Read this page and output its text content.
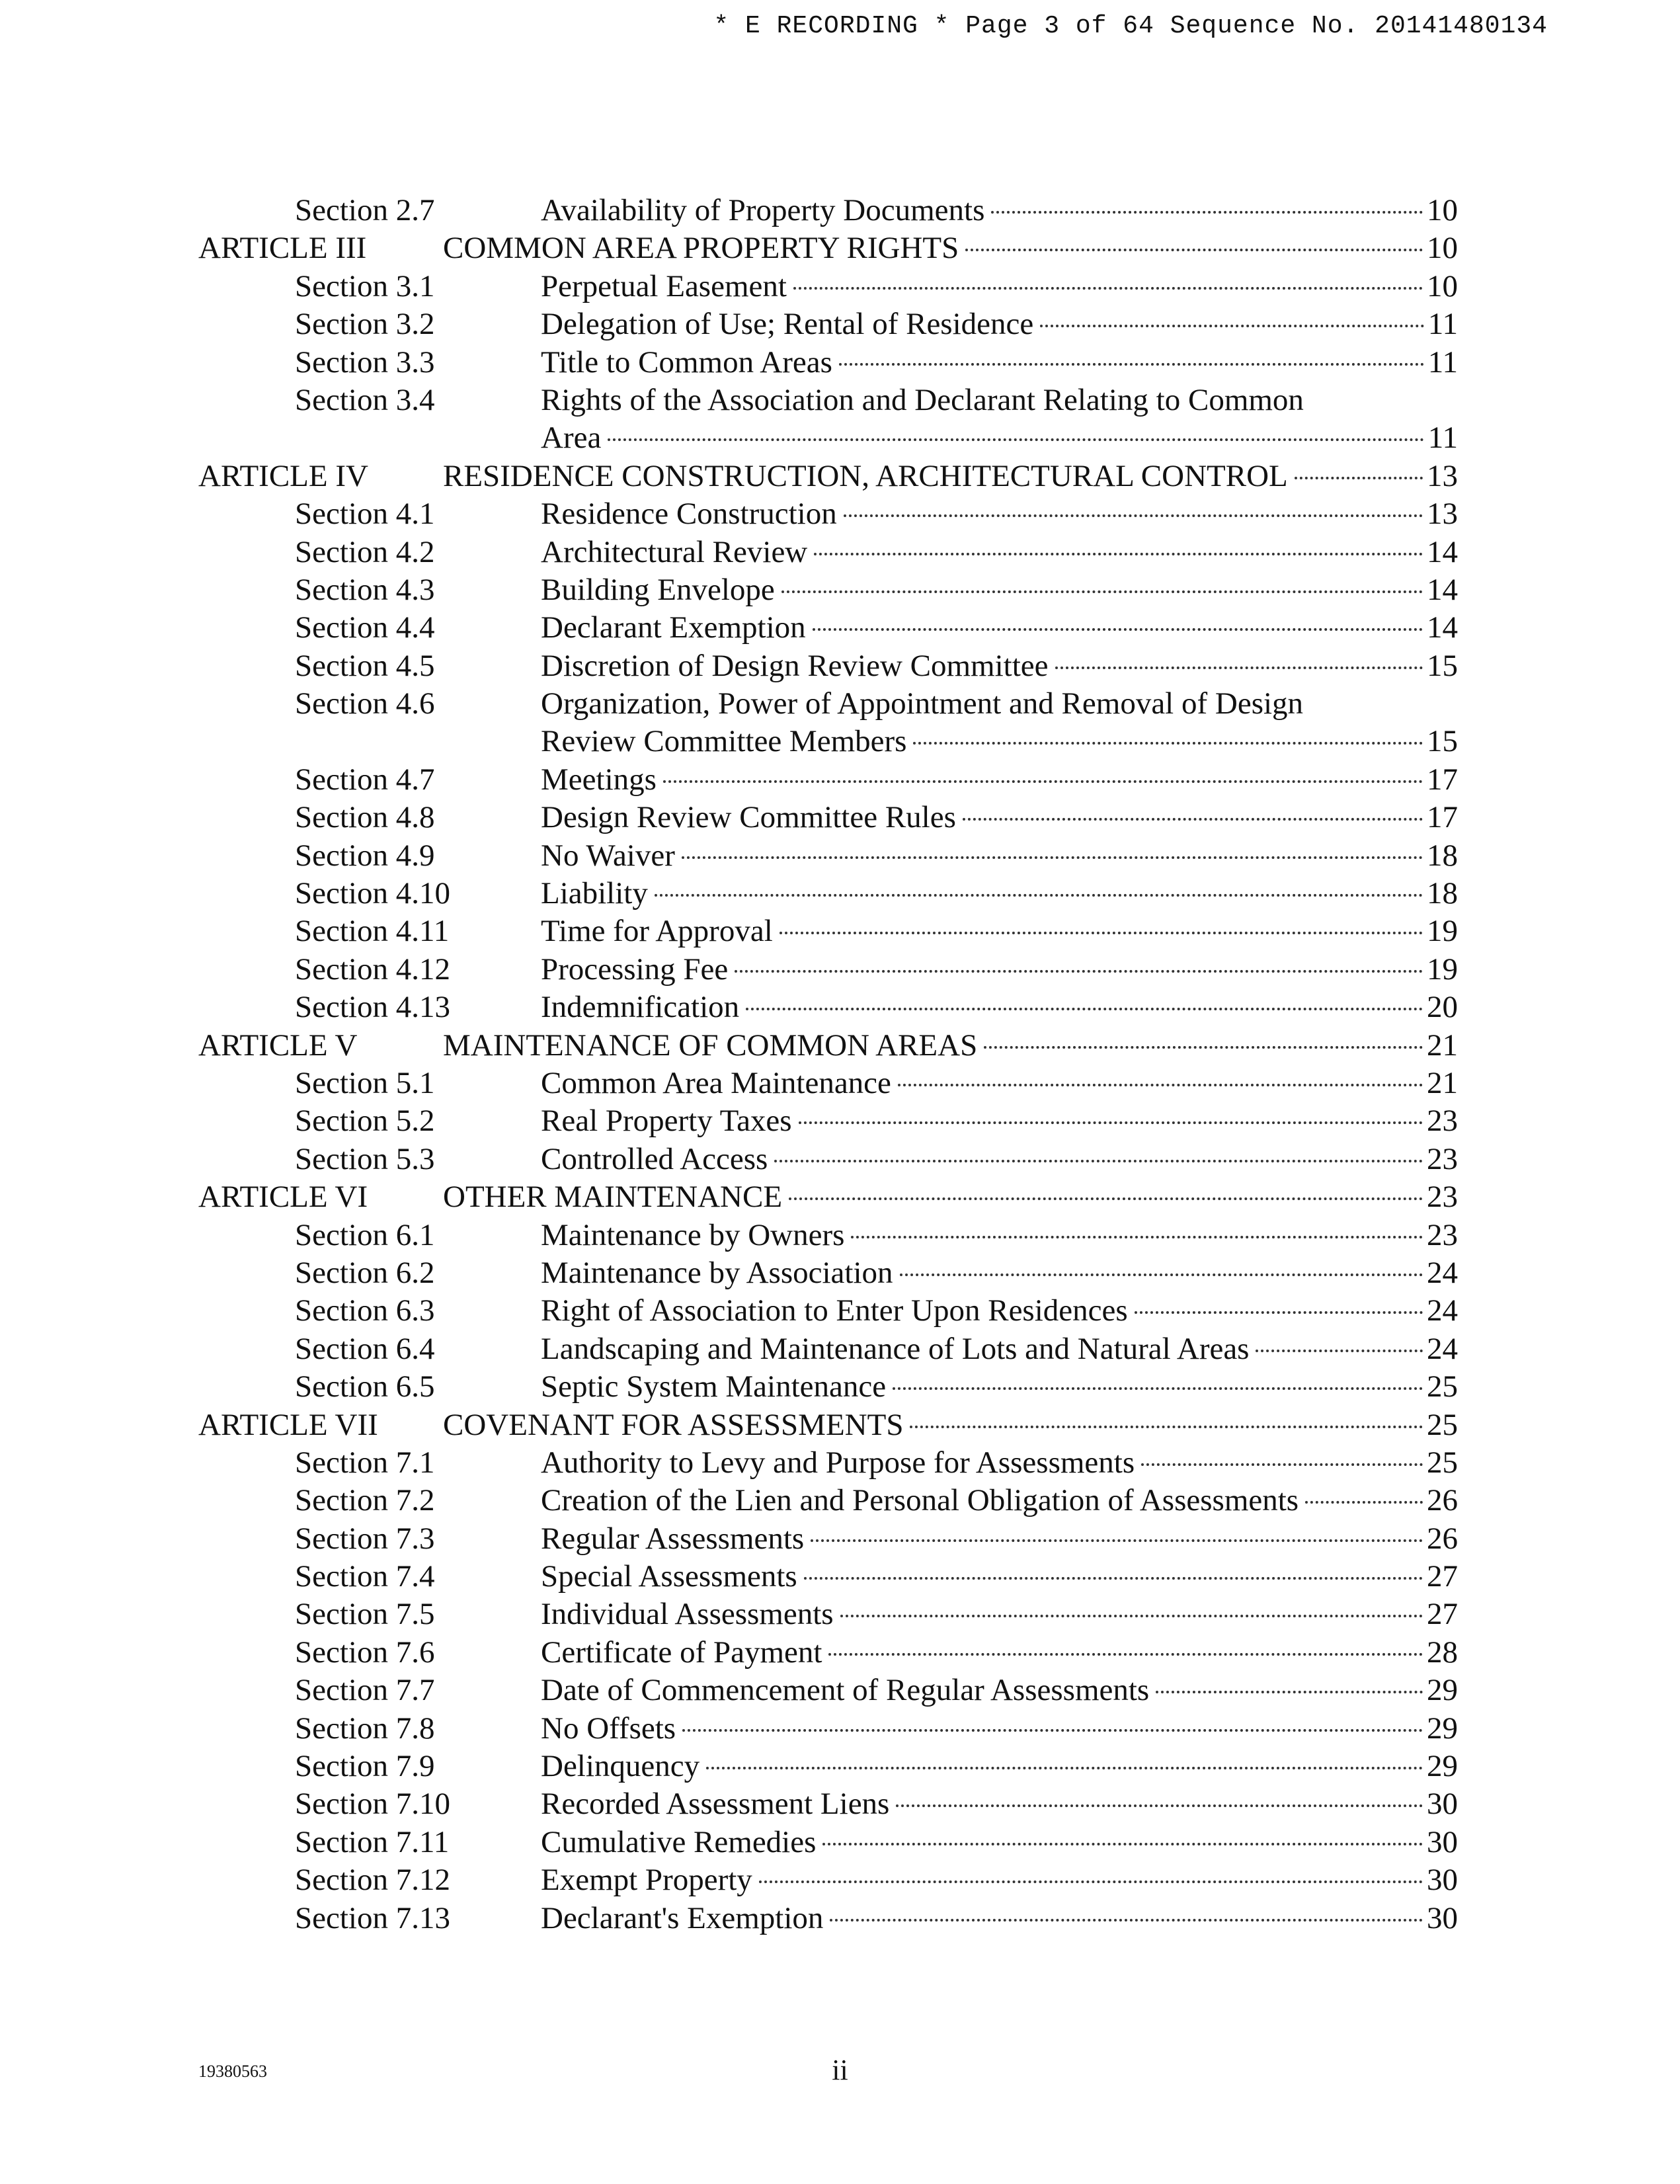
* E RECORDING * Page 3 of 64 Sequence No. 20141480134
Section 2.7	Availability of Property Documents	10
ARTICLE III COMMON AREA PROPERTY RIGHTS	10
Section 3.1	Perpetual Easement	10
Section 3.2	Delegation of Use; Rental of Residence	11
Section 3.3	Title to Common Areas	11
Section 3.4	Rights of the Association and Declarant Relating to Common
Area	11
ARTICLE IV RESIDENCE CONSTRUCTION, ARCHITECTURAL CONTROL	13
Section 4.1	Residence Construction	13
Section 4.2	Architectural Review	14
Section 4.3	Building Envelope	14
Section 4.4	Declarant Exemption	14
Section 4.5	Discretion of Design Review Committee	15
Section 4.6	Organization, Power of Appointment and Removal of Design
Review Committee Members	15
Section 4.7	Meetings	17
Section 4.8	Design Review Committee Rules	17
Section 4.9	No Waiver	18
Section 4.10	Liability	18
Section 4.11	Time for Approval	19
Section 4.12	Processing Fee	19
Section 4.13	Indemnification	20
ARTICLE V	MAINTENANCE OF COMMON AREAS	21
Section 5.1	Common Area Maintenance	21
Section 5.2	Real Property Taxes	23
Section 5.3	Controlled Access	23
ARTICLE VI OTHER MAINTENANCE	23
Section 6.1	Maintenance by Owners	23
Section 6.2	Maintenance by Association	24
Section 6.3	Right of Association to Enter Upon Residences	24
Section 6.4	Landscaping and Maintenance of Lots and Natural Areas	24
Section 6.5	Septic System Maintenance	25
ARTICLE VII COVENANT FOR ASSESSMENTS	25
Section 7.1	Authority to Levy and Purpose for Assessments	25
Section 7.2	Creation of the Lien and Personal Obligation of Assessments	26
Section 7.3	Regular Assessments	26
Section 7.4	Special Assessments	27
Section 7.5	Individual Assessments	27
Section 7.6	Certificate of Payment	28
Section 7.7	Date of Commencement of Regular Assessments	29
Section 7.8	No Offsets	29
Section 7.9	Delinquency	29
Section 7.10	Recorded Assessment Liens	30
Section 7.11	Cumulative Remedies	30
Section 7.12	Exempt Property	30
Section 7.13	Declarant's Exemption	30
19380563	ii
